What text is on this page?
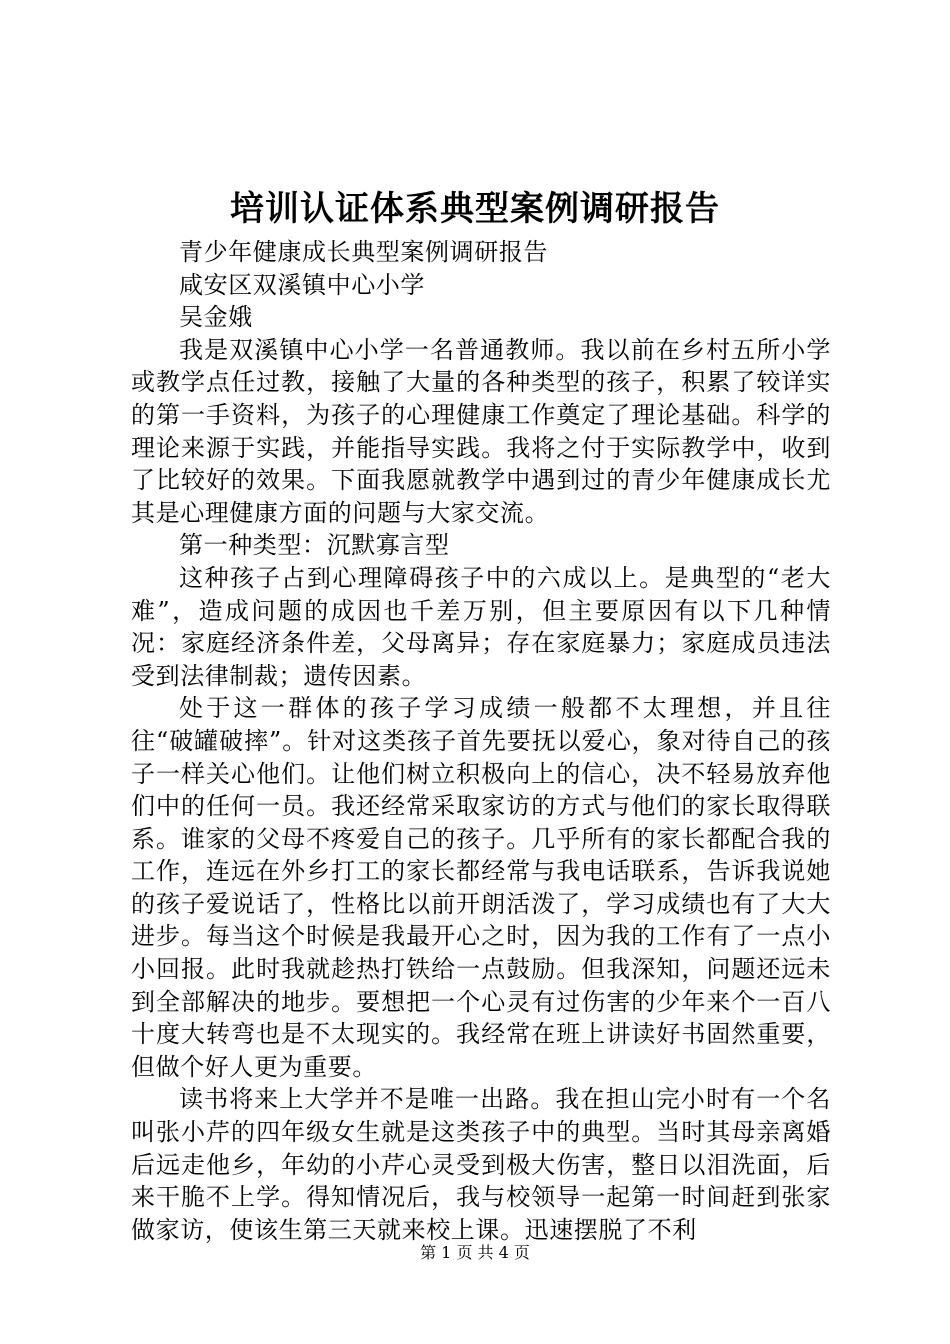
培训认证体系典型案例调研报告

青少年健康成长典型案例调研报告

咸安区双溪镇中心小学

吴金娥

我是双溪镇中心小学一名普通教师。我以前在乡村五所小学或教学点任过教，接触了大量的各种类型的孩子，积累了较详实的第一手资料，为孩子的心理健康工作奠定了理论基础。科学的理论来源于实践，并能指导实践。我将之付于实际教学中，收到了比较好的效果。下面我愿就教学中遇到过的青少年健康成长尤其是心理健康方面的问题与大家交流。

第一种类型：沉默寡言型

这种孩子占到心理障碍孩子中的六成以上。是典型的“老大难”，造成问题的成因也千差万别，但主要原因有以下几种情况：家庭经济条件差，父母离异；存在家庭暴力；家庭成员违法受到法律制裁；遗传因素。

处于这一群体的孩子学习成绩一般都不太理想，并且往往“破罐破摔”。针对这类孩子首先要抚以爱心，象对待自己的孩子一样关心他们。让他们树立积极向上的信心，决不轻易放弃他们中的任何一员。我还经常采取家访的方式与他们的家长取得联系。谁家的父母不疼爱自己的孩子。几乎所有的家长都配合我的工作，连远在外乡打工的家长都经常与我电话联系，告诉我说她的孩子爱说话了，性格比以前开朗活泼了，学习成绩也有了大大进步。每当这个时候是我最开心之时，因为我的工作有了一点小小回报。此时我就趁热打铁给一点鼓励。但我深知，问题还远未到全部解决的地步。要想把一个心灵有过伤害的少年来个一百八十度大转弯也是不太现实的。我经常在班上讲读好书固然重要，但做个好人更为重要。

读书将来上大学并不是唯一出路。我在担山完小时有一个名叫张小芹的四年级女生就是这类孩子中的典型。当时其母亲离婚后远走他乡，年幼的小芹心灵受到极大伤害，整日以泪洗面，后来干脆不上学。得知情况后，我与校领导一起第一时间赶到张家做家访，使该生第三天就来校上课。迅速摆脱了不利

第 1 页 共 4 页
